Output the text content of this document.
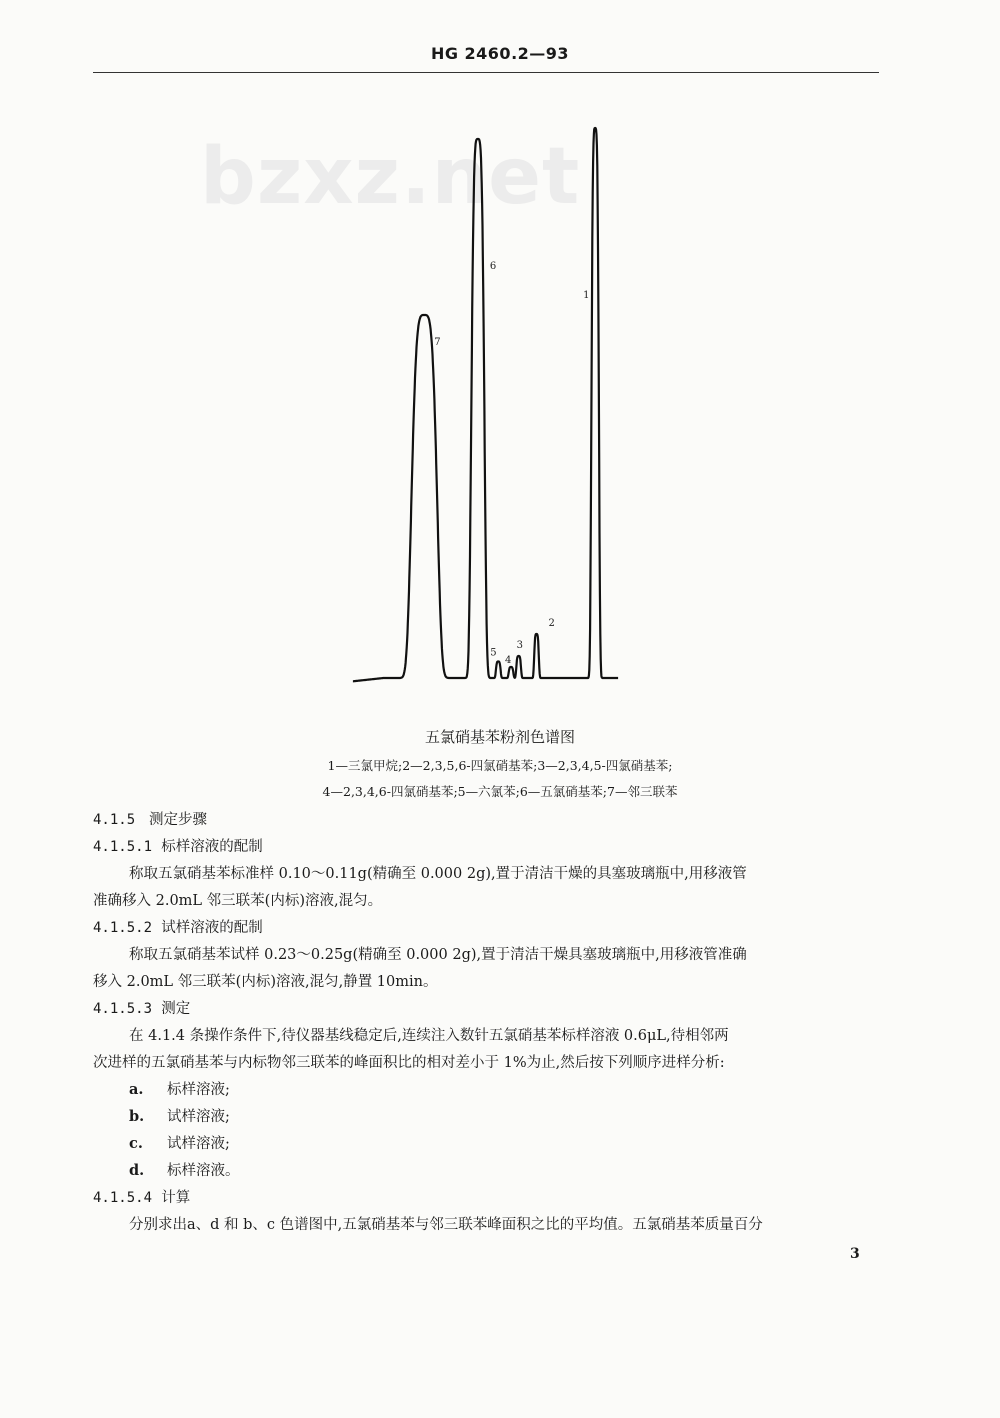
HG 2460.2—93
bzxz.net
7
6
5
4
3
2
1
五氯硝基苯粉剂色谱图
1—三氯甲烷;2—2,3,5,6-四氯硝基苯;3—2,3,4,5-四氯硝基苯;
4—2,3,4,6-四氯硝基苯;5—六氯苯;6—五氯硝基苯;7—邻三联苯
4.1.5 测定步骤
4.1.5.1 标样溶液的配制
称取五氯硝基苯标准样 0.10～0.11g(精确至 0.000 2g),置于清洁干燥的具塞玻璃瓶中,用移液管
准确移入 2.0mL 邻三联苯(内标)溶液,混匀。
4.1.5.2 试样溶液的配制
称取五氯硝基苯试样 0.23～0.25g(精确至 0.000 2g),置于清洁干燥具塞玻璃瓶中,用移液管准确
移入 2.0mL 邻三联苯(内标)溶液,混匀,静置 10min。
4.1.5.3 测定
在 4.1.4 条操作条件下,待仪器基线稳定后,连续注入数针五氯硝基苯标样溶液 0.6μL,待相邻两
次进样的五氯硝基苯与内标物邻三联苯的峰面积比的相对差小于 1%为止,然后按下列顺序进样分析:
a. 标样溶液;
b. 试样溶液;
c. 试样溶液;
d. 标样溶液。
4.1.5.4 计算
分别求出a、d 和 b、c 色谱图中,五氯硝基苯与邻三联苯峰面积之比的平均值。五氯硝基苯质量百分
3
